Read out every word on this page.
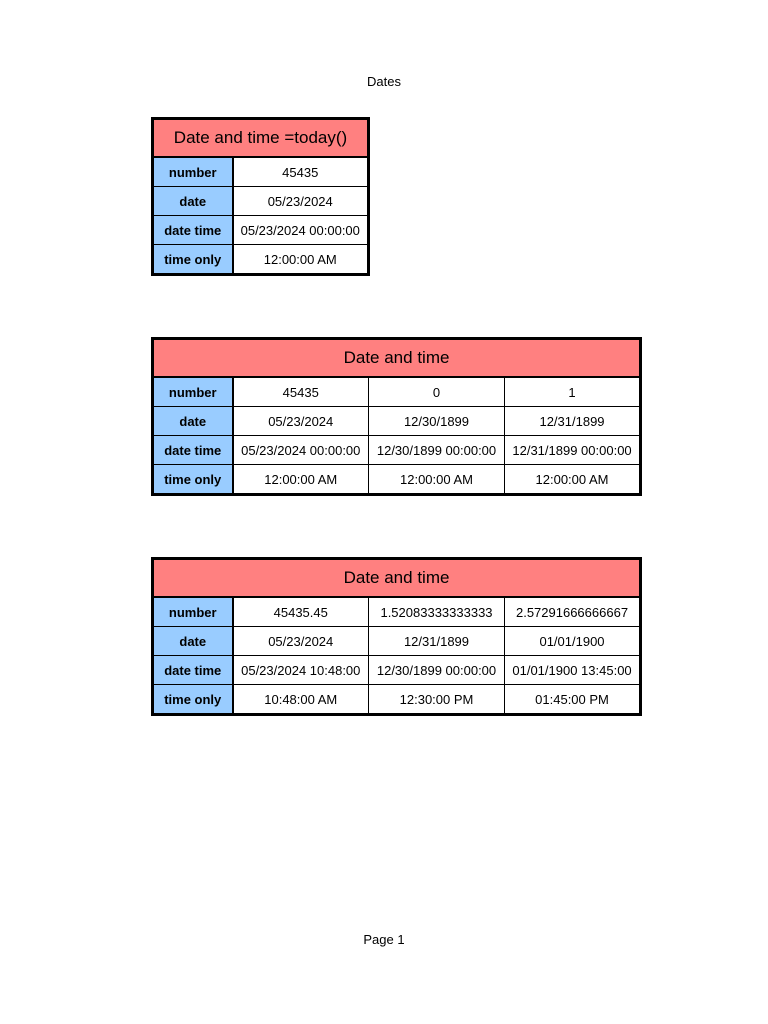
Dates
Date and time =today()	
number	45435
date	05/23/2024
date time	05/23/2024 00:00:00
time only	12:00:00 AM
Date and time			
number	45435	0	1
date	05/23/2024	12/30/1899	12/31/1899
date time	05/23/2024 00:00:00	12/30/1899 00:00:00	12/31/1899 00:00:00
time only	12:00:00 AM	12:00:00 AM	12:00:00 AM
Date and time			
number	45435.45	1.52083333333333	2.57291666666667
date	05/23/2024	12/31/1899	01/01/1900
date time	05/23/2024 10:48:00	12/30/1899 00:00:00	01/01/1900 13:45:00
time only	10:48:00 AM	12:30:00 PM	01:45:00 PM
Page 1
